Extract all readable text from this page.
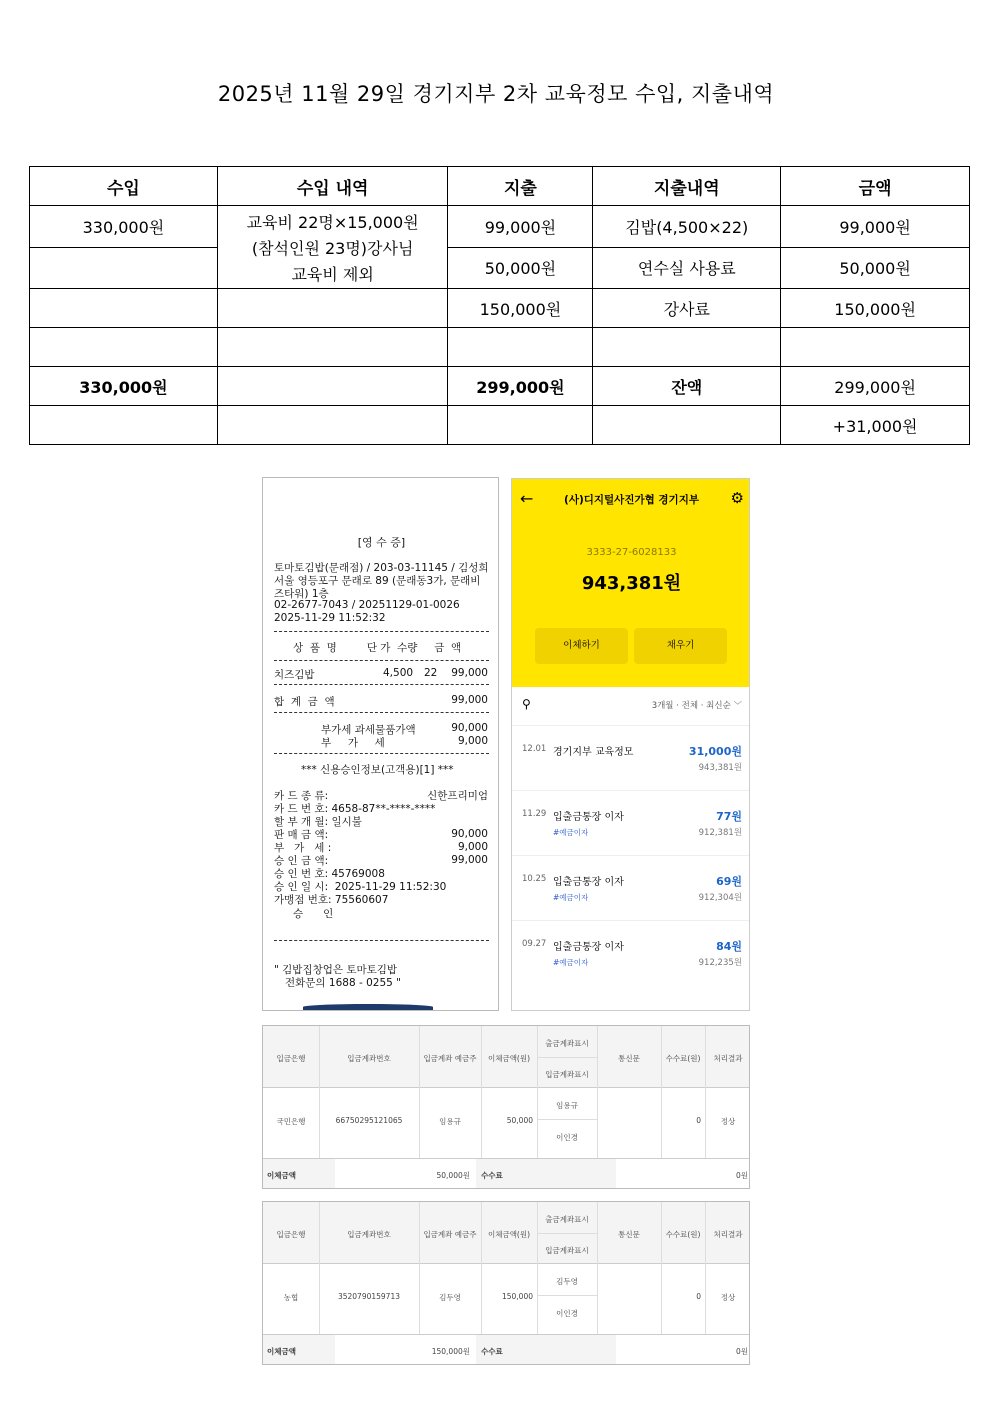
2025년 11월 29일 경기지부 2차 교육정모 수입, 지출내역
수입	수입 내역	지출	지출내역	금액
330,000원	교육비 22명×15,000원
(참석인원 23명)강사님
교육비 제외	99,000원	김밥(4,500×22)	99,000원
		50,000원	연수실 사용료	50,000원
		150,000원	강사료	150,000원

330,000원		299,000원	잔액	299,000원
				+31,000원
[영 수 증]
토마토김밥(문래점) / 203-03-11145 / 김성희
서울 영등포구 문래로 89 (문래동3가, 문래비
즈타워) 1층
02-2677-7043 / 20251129-01-0026
2025-11-29 11:52:32
상  품  명         단 가  수량     금  액
치즈김밥	4,500 22 99,000
합  계  금  액	99,000
부가세 과세물품가액	90,000
부     가     세	9,000
*** 신용승인정보(고객용)[1] ***
카 드 종 류:	신한프리미엄
카 드 번 호: 4658-87**-****-****
할 부 개 월: 일시불
판 매 금 액:	90,000
부   가   세 :	9,000
승 인 금 액:	99,000
승 인 번 호: 45769008
승 인 일 시:  2025-11-29 11:52:30
가맹점 번호: 75560607
승      인
" 김밥집창업은 토마토김밥
전화문의 1688 - 0255 "
←	(사)디지털사진가협 경기지부	⚙
3333-27-6028133
943,381원
이체하기	채우기
⚲	3개월 · 전체 · 최신순 ﹀
12.01 경기지부 교육정모	31,000원
943,381원
11.29 입출금통장 이자
#예금이자
77원
912,381원
10.25 입출금통장 이자
#예금이자
69원
912,304원
09.27 입출금통장 이자
#예금이자
84원
912,235원
입금은행	입금계좌번호	입금계좌 예금주	이체금액(원)
출금계좌표시
입금계좌표시
통신문	수수료(원)	처리결과
국민은행	66750295121065	임용규	50,000
임용규
이인경
0	정상
이체금액	50,000원 수수료	0원
입금은행	입금계좌번호	입금계좌 예금주	이체금액(원)
출금계좌표시
입금계좌표시
통신문	수수료(원)	처리결과
농협	3520790159713	김두영	150,000
김두영
이인경
0	정상
이체금액	150,000원 수수료	0원
